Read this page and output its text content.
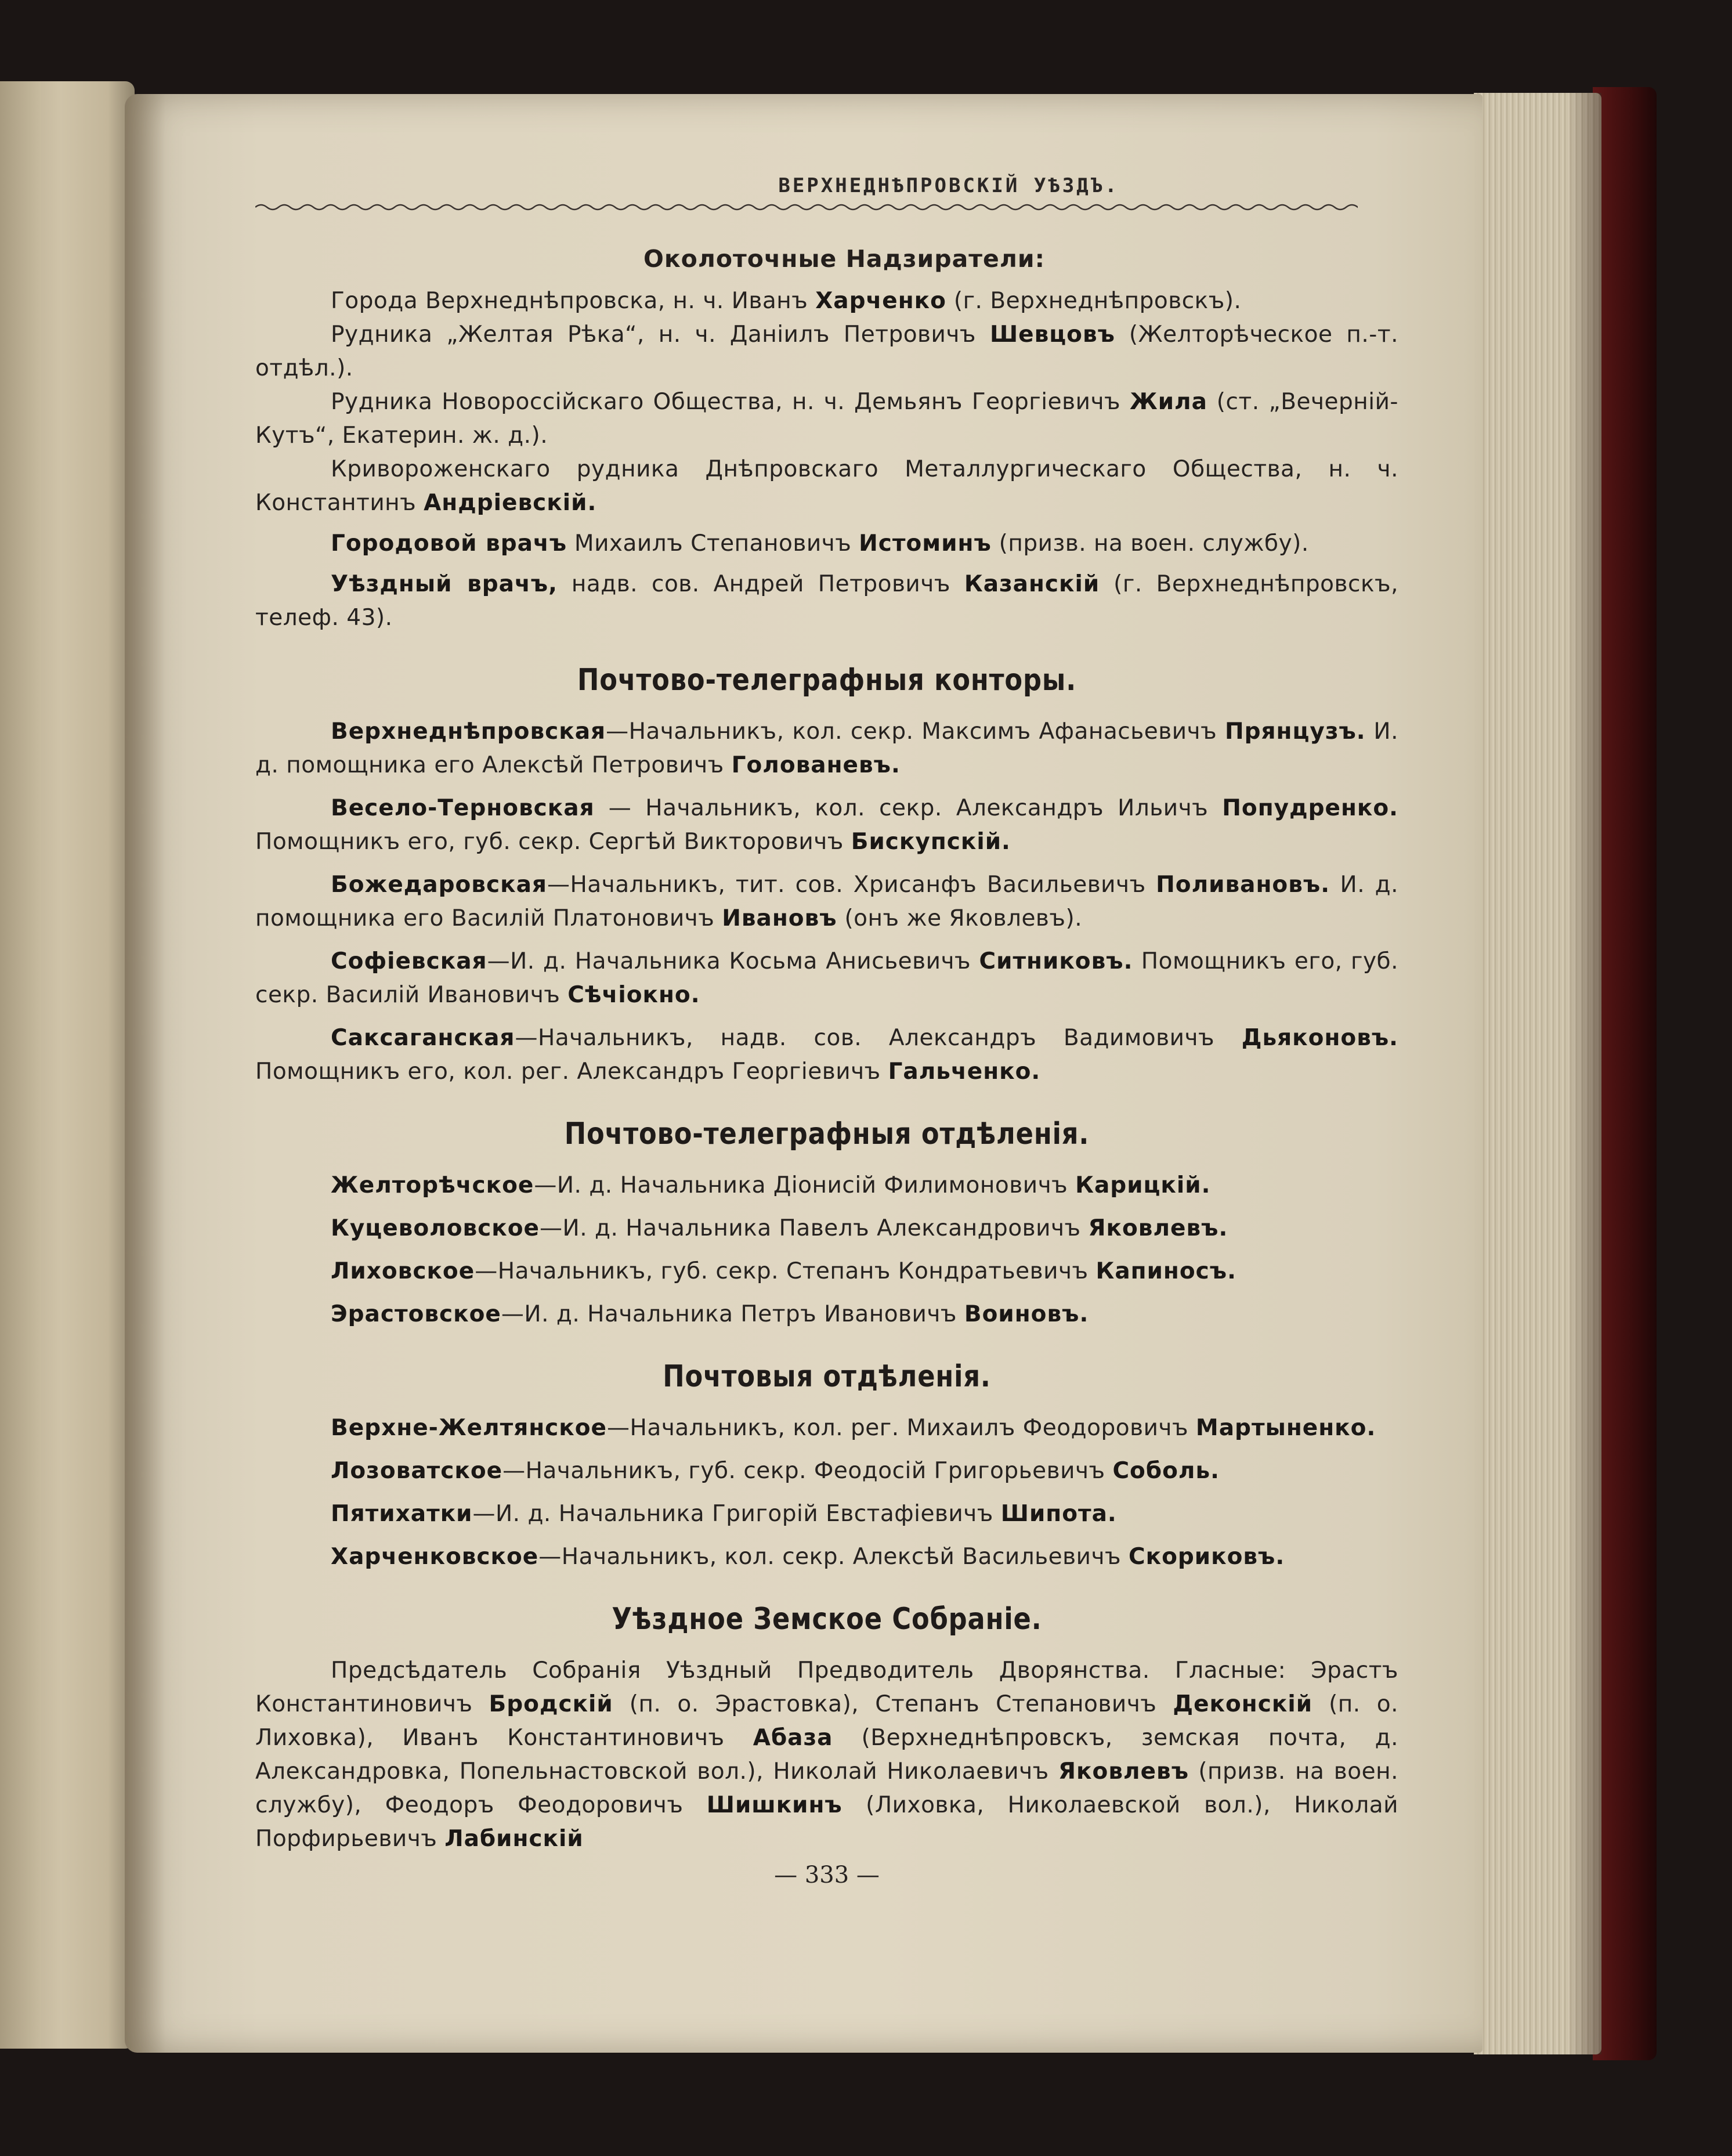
ВЕРХНЕДНѢПРОВСКІЙ УѢЗДЪ.
Околоточные Надзиратели:

Города Верхнеднѣпровска, н. ч. Иванъ Харченко (г. Верхнеднѣпровскъ).

Рудника „Желтая Рѣка“, н. ч. Даніилъ Петровичъ Шевцовъ (Желторѣческое п.-т. отдѣл.).

Рудника Новороссійскаго Общества, н. ч. Демьянъ Георгіевичъ Жила (ст. „Вечерній-Кутъ“, Екатерин. ж. д.).

Кривороженскаго рудника Днѣпровскаго Металлургическаго Общества, н. ч. Константинъ Андріевскій.

Городовой врачъ Михаилъ Степановичъ Истоминъ (призв. на воен. службу).

Уѣздный врачъ, надв. сов. Андрей Петровичъ Казанскій (г. Верхнеднѣпровскъ, телеф. 43).

Почтово-телеграфныя конторы.

Верхнеднѣпровская—Начальникъ, кол. секр. Максимъ Афанасьевичъ Прянцузъ. И. д. помощника его Алексѣй Петровичъ Голованевъ.

Весело-Терновская — Начальникъ, кол. секр. Александръ Ильичъ Попудренко. Помощникъ его, губ. секр. Сергѣй Викторовичъ Бискупскій.

Божедаровская—Начальникъ, тит. сов. Хрисанфъ Васильевичъ Поливановъ. И. д. помощника его Василій Платоновичъ Ивановъ (онъ же Яковлевъ).

Софіевская—И. д. Начальника Косьма Анисьевичъ Ситниковъ. Помощникъ его, губ. секр. Василій Ивановичъ Сѣчіокно.

Саксаганская—Начальникъ, надв. сов. Александръ Вадимовичъ Дьяконовъ. Помощникъ его, кол. рег. Александръ Георгіевичъ Гальченко.

Почтово-телеграфныя отдѣленія.

Желторѣчское—И. д. Начальника Діонисій Филимоновичъ Карицкій.

Куцеволовское—И. д. Начальника Павелъ Александровичъ Яковлевъ.

Лиховское—Начальникъ, губ. секр. Степанъ Кондратьевичъ Капиносъ.

Эрастовское—И. д. Начальника Петръ Ивановичъ Воиновъ.

Почтовыя отдѣленія.

Верхне-Желтянское—Начальникъ, кол. рег. Михаилъ Феодоровичъ Мартыненко.

Лозоватское—Начальникъ, губ. секр. Феодосій Григорьевичъ Соболь.

Пятихатки—И. д. Начальника Григорій Евстафіевичъ Шипота.

Харченковское—Начальникъ, кол. секр. Алексѣй Васильевичъ Скориковъ.

Уѣздное Земское Собраніе.

Предсѣдатель Собранія Уѣздный Предводитель Дворянства. Гласные: Эрастъ Константиновичъ Бродскій (п. о. Эрастовка), Степанъ Степановичъ Деконскій (п. о. Лиховка), Иванъ Константиновичъ Абаза (Верхнеднѣпровскъ, земская почта, д. Александровка, Попельнастовской вол.), Николай Николаевичъ Яковлевъ (призв. на воен. службу), Феодоръ Феодоровичъ Шишкинъ (Лиховка, Николаевской вол.), Николай Порфирьевичъ Лабинскій

— 333 —
